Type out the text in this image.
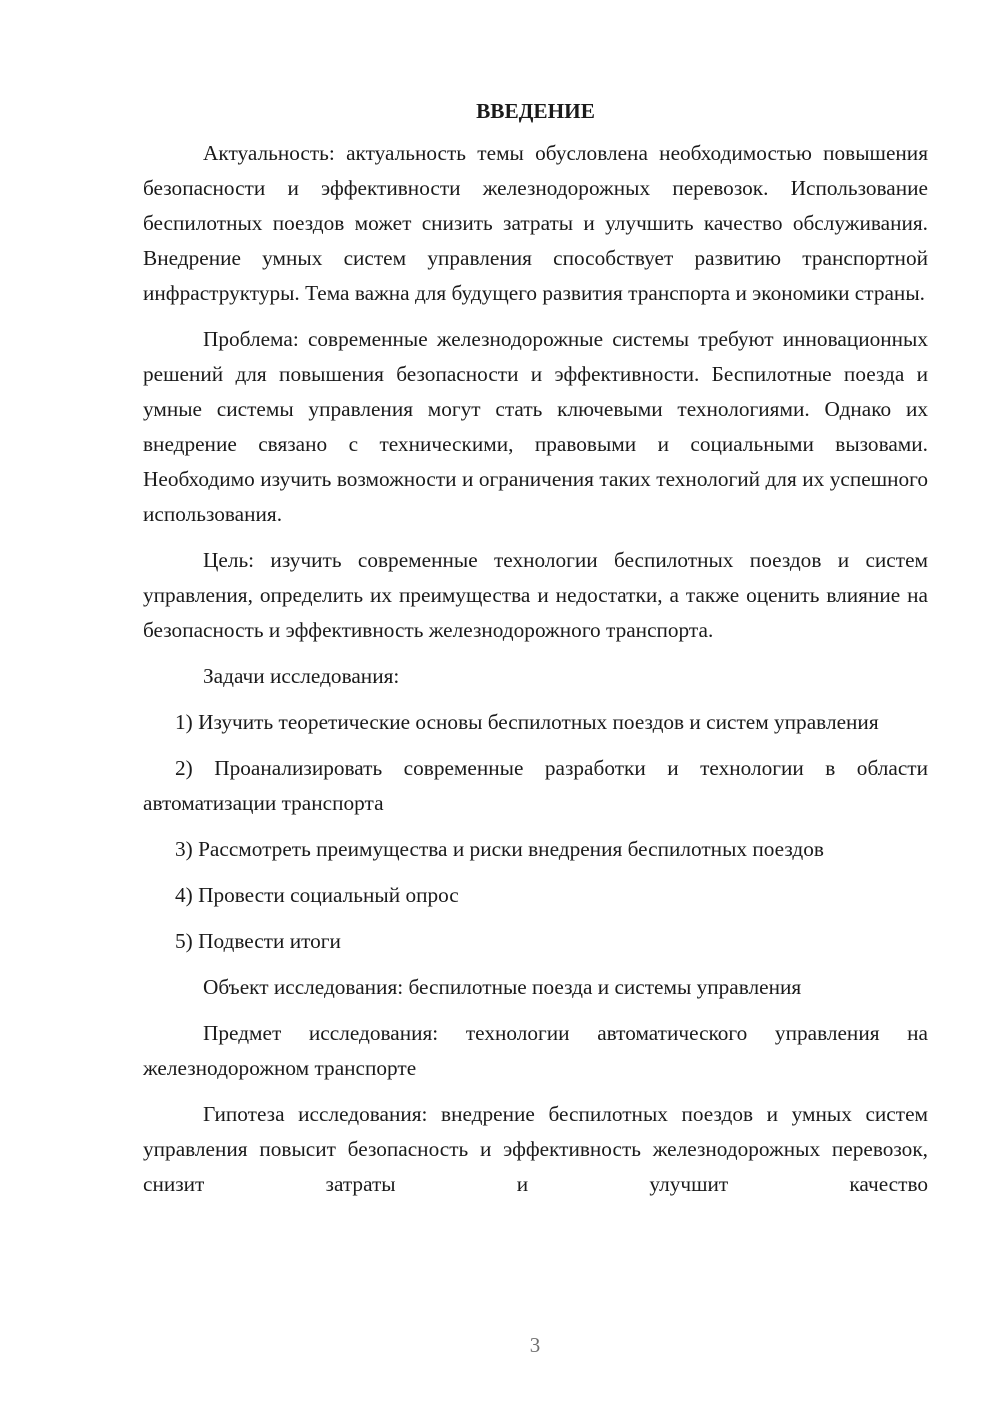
ВВЕДЕНИЕ

Актуальность: актуальность темы обусловлена необходимостью повышения безопасности и эффективности железнодорожных перевозок. Использование беспилотных поездов может снизить затраты и улучшить качество обслуживания. Внедрение умных систем управления способствует развитию транспортной инфраструктуры. Тема важна для будущего развития транспорта и экономики страны.

Проблема: современные железнодорожные системы требуют инновационных решений для повышения безопасности и эффективности. Беспилотные поезда и умные системы управления могут стать ключевыми технологиями. Однако их внедрение связано с техническими, правовыми и социальными вызовами. Необходимо изучить возможности и ограничения таких технологий для их успешного использования.

Цель: изучить современные технологии беспилотных поездов и систем управления, определить их преимущества и недостатки, а также оценить влияние на безопасность и эффективность железнодорожного транспорта.

Задачи исследования:

1) Изучить теоретические основы беспилотных поездов и систем управления

2) Проанализировать современные разработки и технологии в области автоматизации транспорта

3) Рассмотреть преимущества и риски внедрения беспилотных поездов

4) Провести социальный опрос

5) Подвести итоги

Объект исследования: беспилотные поезда и системы управления

Предмет исследования: технологии автоматического управления на железнодорожном транспорте

Гипотеза исследования: внедрение беспилотных поездов и умных систем управления повысит безопасность и эффективность железнодорожных перевозок, снизит затраты и улучшит качество

3
